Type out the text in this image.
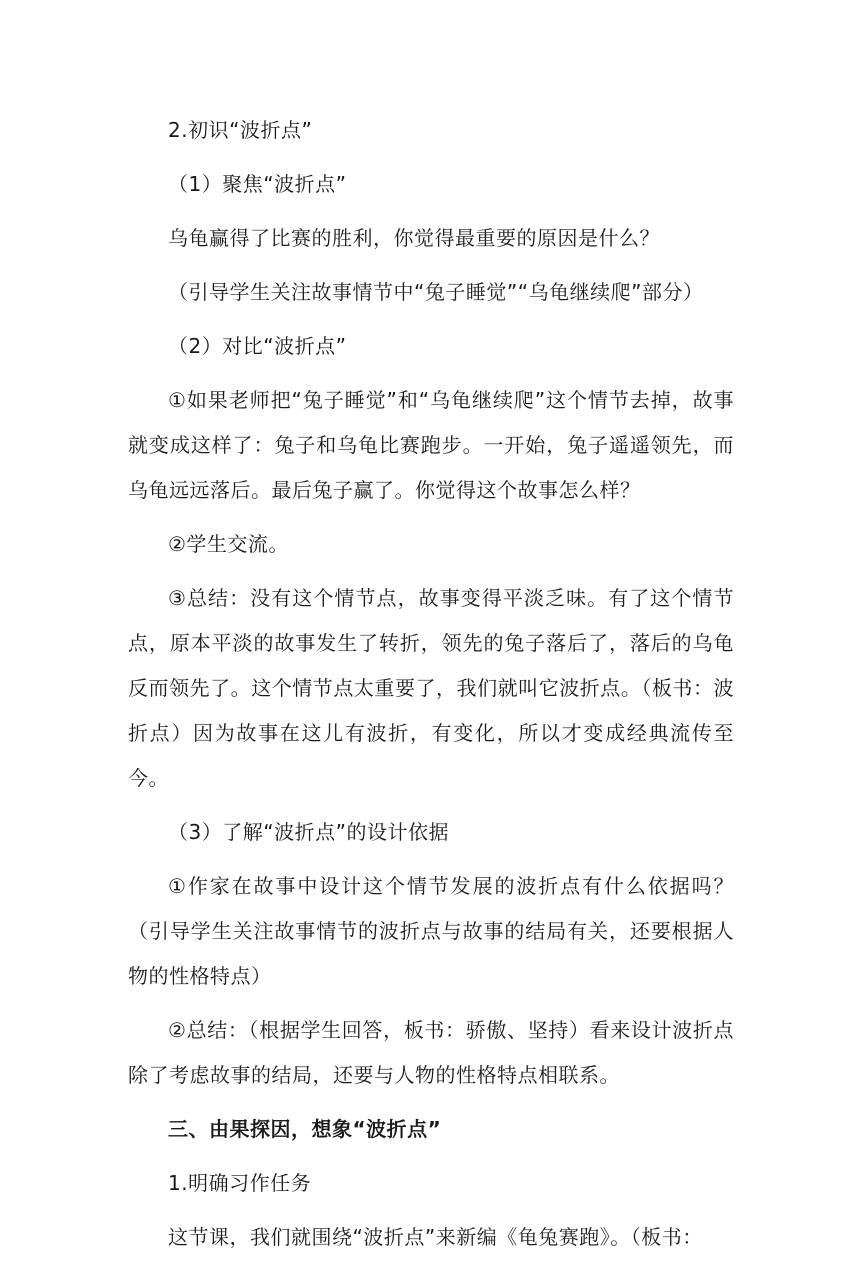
2.初识“波折点”

（1）聚焦“波折点”

乌龟赢得了比赛的胜利，你觉得最重要的原因是什么？

（引导学生关注故事情节中“兔子睡觉”“乌龟继续爬”部分）

（2）对比“波折点”

①如果老师把“兔子睡觉”和“乌龟继续爬”这个情节去掉，故事就变成这样了：兔子和乌龟比赛跑步。一开始，兔子遥遥领先，而乌龟远远落后。最后兔子赢了。你觉得这个故事怎么样？

②学生交流。

③总结：没有这个情节点，故事变得平淡乏味。有了这个情节点，原本平淡的故事发生了转折，领先的兔子落后了，落后的乌龟反而领先了。这个情节点太重要了，我们就叫它波折点。（板书：波折点）因为故事在这儿有波折，有变化，所以才变成经典流传至今。

（3）了解“波折点”的设计依据

①作家在故事中设计这个情节发展的波折点有什么依据吗？（引导学生关注故事情节的波折点与故事的结局有关，还要根据人物的性格特点）

②总结：（根据学生回答，板书：骄傲、坚持）看来设计波折点除了考虑故事的结局，还要与人物的性格特点相联系。

三、由果探因，想象“波折点”

1.明确习作任务

这节课，我们就围绕“波折点”来新编《龟兔赛跑》。（板书：
